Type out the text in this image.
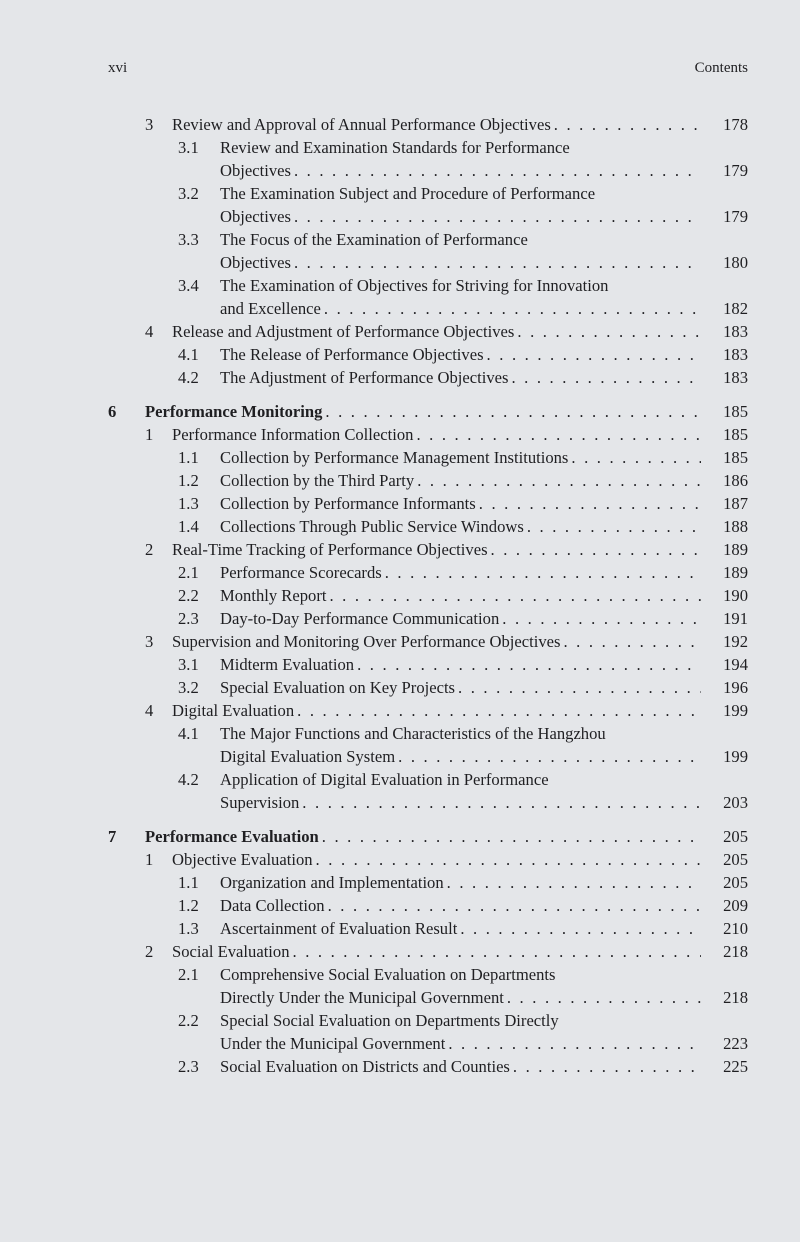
xvi	Contents
3 Review and Approval of Annual Performance Objectives . . .	178
3.1 Review and Examination Standards for Performance
Objectives . . .	179
3.2 The Examination Subject and Procedure of Performance
Objectives . . .	179
3.3 The Focus of the Examination of Performance
Objectives . . .	180
3.4 The Examination of Objectives for Striving for Innovation
and Excellence . . .	182
4 Release and Adjustment of Performance Objectives . . .	183
4.1 The Release of Performance Objectives . . .	183
4.2 The Adjustment of Performance Objectives . . .	183
6 Performance Monitoring . . .	185
1 Performance Information Collection . . .	185
1.1 Collection by Performance Management Institutions . . .	185
1.2 Collection by the Third Party . . .	186
1.3 Collection by Performance Informants . . .	187
1.4 Collections Through Public Service Windows . . .	188
2 Real-Time Tracking of Performance Objectives . . .	189
2.1 Performance Scorecards . . .	189
2.2 Monthly Report . . .	190
2.3 Day-to-Day Performance Communication . . .	191
3 Supervision and Monitoring Over Performance Objectives . . .	192
3.1 Midterm Evaluation . . .	194
3.2 Special Evaluation on Key Projects . . .	196
4 Digital Evaluation . . .	199
4.1 The Major Functions and Characteristics of the Hangzhou
Digital Evaluation System . . .	199
4.2 Application of Digital Evaluation in Performance
Supervision . . .	203
7 Performance Evaluation . . .	205
1 Objective Evaluation . . .	205
1.1 Organization and Implementation . . .	205
1.2 Data Collection . . .	209
1.3 Ascertainment of Evaluation Result . . .	210
2 Social Evaluation . . .	218
2.1 Comprehensive Social Evaluation on Departments
Directly Under the Municipal Government . . .	218
2.2 Special Social Evaluation on Departments Directly
Under the Municipal Government . . .	223
2.3 Social Evaluation on Districts and Counties . . .	225
